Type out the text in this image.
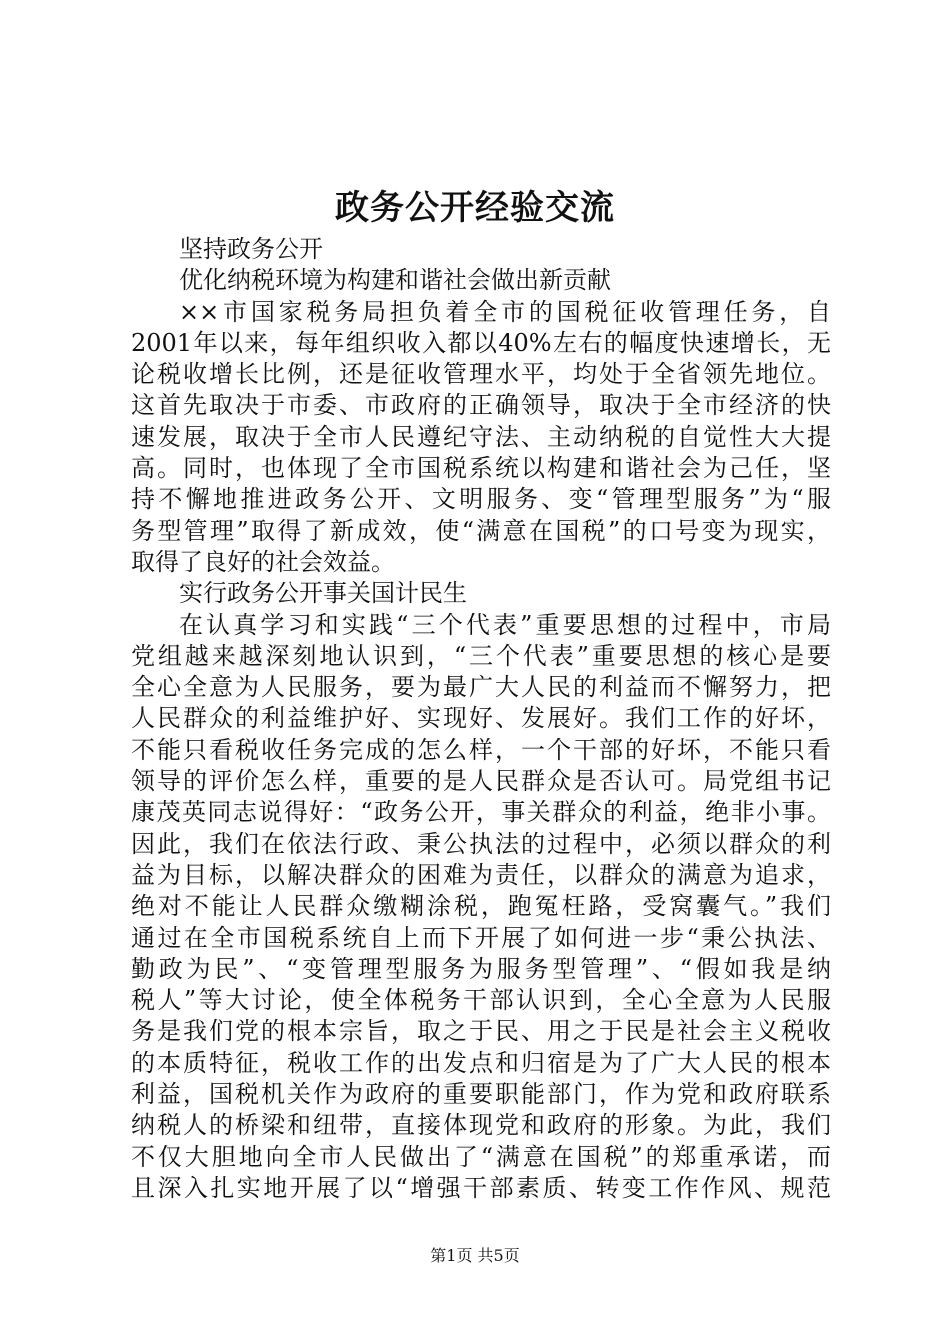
政务公开经验交流
坚持政务公开
优化纳税环境为构建和谐社会做出新贡献
××市国家税务局担负着全市的国税征收管理任务，自
2001年以来，每年组织收入都以40%左右的幅度快速增长，无
论税收增长比例，还是征收管理水平，均处于全省领先地位。
这首先取决于市委、市政府的正确领导，取决于全市经济的快
速发展，取决于全市人民遵纪守法、主动纳税的自觉性大大提
高。同时，也体现了全市国税系统以构建和谐社会为己任，坚
持不懈地推进政务公开、文明服务、变“管理型服务”为“服
务型管理”取得了新成效，使“满意在国税”的口号变为现实，
取得了良好的社会效益。
实行政务公开事关国计民生
在认真学习和实践“三个代表”重要思想的过程中，市局
党组越来越深刻地认识到，“三个代表”重要思想的核心是要
全心全意为人民服务，要为最广大人民的利益而不懈努力，把
人民群众的利益维护好、实现好、发展好。我们工作的好坏，
不能只看税收任务完成的怎么样，一个干部的好坏，不能只看
领导的评价怎么样，重要的是人民群众是否认可。局党组书记
康茂英同志说得好：“政务公开，事关群众的利益，绝非小事。
因此，我们在依法行政、秉公执法的过程中，必须以群众的利
益为目标，以解决群众的困难为责任，以群众的满意为追求，
绝对不能让人民群众缴糊涂税，跑冤枉路，受窝囊气。”我们
通过在全市国税系统自上而下开展了如何进一步“秉公执法、
勤政为民”、“变管理型服务为服务型管理”、“假如我是纳
税人”等大讨论，使全体税务干部认识到，全心全意为人民服
务是我们党的根本宗旨，取之于民、用之于民是社会主义税收
的本质特征，税收工作的出发点和归宿是为了广大人民的根本
利益，国税机关作为政府的重要职能部门，作为党和政府联系
纳税人的桥梁和纽带，直接体现党和政府的形象。为此，我们
不仅大胆地向全市人民做出了“满意在国税”的郑重承诺，而
且深入扎实地开展了以“增强干部素质、转变工作作风、规范
第1页 共5页
